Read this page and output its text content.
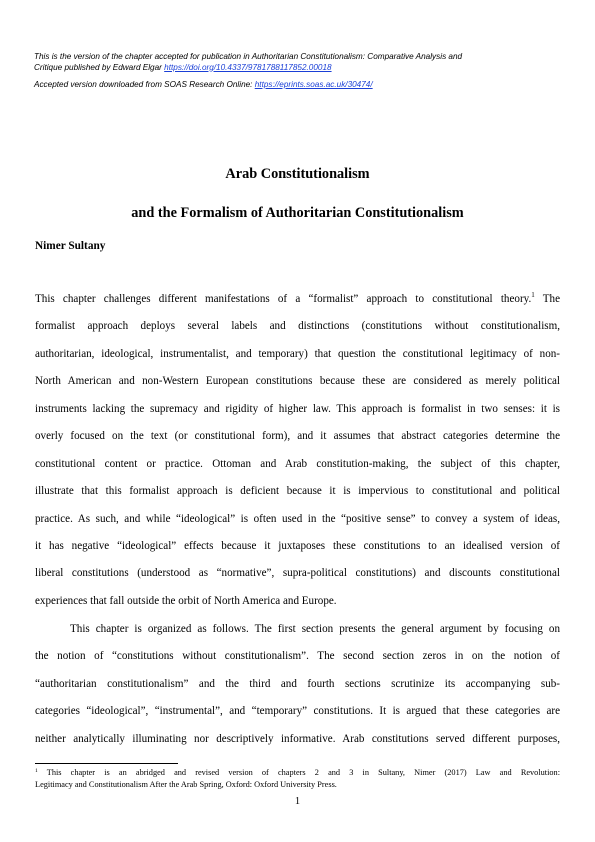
This is the version of the chapter accepted for publication in Authoritarian Constitutionalism: Comparative Analysis and
Critique published by Edward Elgar https://doi.org/10.4337/9781788117852.00018
Accepted version downloaded from SOAS Research Online: https://eprints.soas.ac.uk/30474/
Arab Constitutionalism
and the Formalism of Authoritarian Constitutionalism
Nimer Sultany
This chapter challenges different manifestations of a “formalist” approach to constitutional theory.$^1$ The
formalist approach deploys several labels and distinctions (constitutions without constitutionalism,
authoritarian, ideological, instrumentalist, and temporary) that question the constitutional legitimacy of non-
North American and non-Western European constitutions because these are considered as merely political
instruments lacking the supremacy and rigidity of higher law. This approach is formalist in two senses: it is
overly focused on the text (or constitutional form), and it assumes that abstract categories determine the
constitutional content or practice. Ottoman and Arab constitution-making, the subject of this chapter,
illustrate that this formalist approach is deficient because it is impervious to constitutional and political
practice. As such, and while “ideological” is often used in the “positive sense” to convey a system of ideas,
it has negative “ideological” effects because it juxtaposes these constitutions to an idealised version of
liberal constitutions (understood as “normative”, supra-political constitutions) and discounts constitutional
experiences that fall outside the orbit of North America and Europe.
This chapter is organized as follows. The first section presents the general argument by focusing on
the notion of “constitutions without constitutionalism”. The second section zeros in on the notion of
“authoritarian constitutionalism” and the third and fourth sections scrutinize its accompanying sub-
categories “ideological”, “instrumental”, and “temporary” constitutions. It is argued that these categories are
neither analytically illuminating nor descriptively informative. Arab constitutions served different purposes,
$^1$ This chapter is an abridged and revised version of chapters 2 and 3 in Sultany, Nimer (2017) Law and Revolution:
Legitimacy and Constitutionalism After the Arab Spring, Oxford: Oxford University Press.
1
